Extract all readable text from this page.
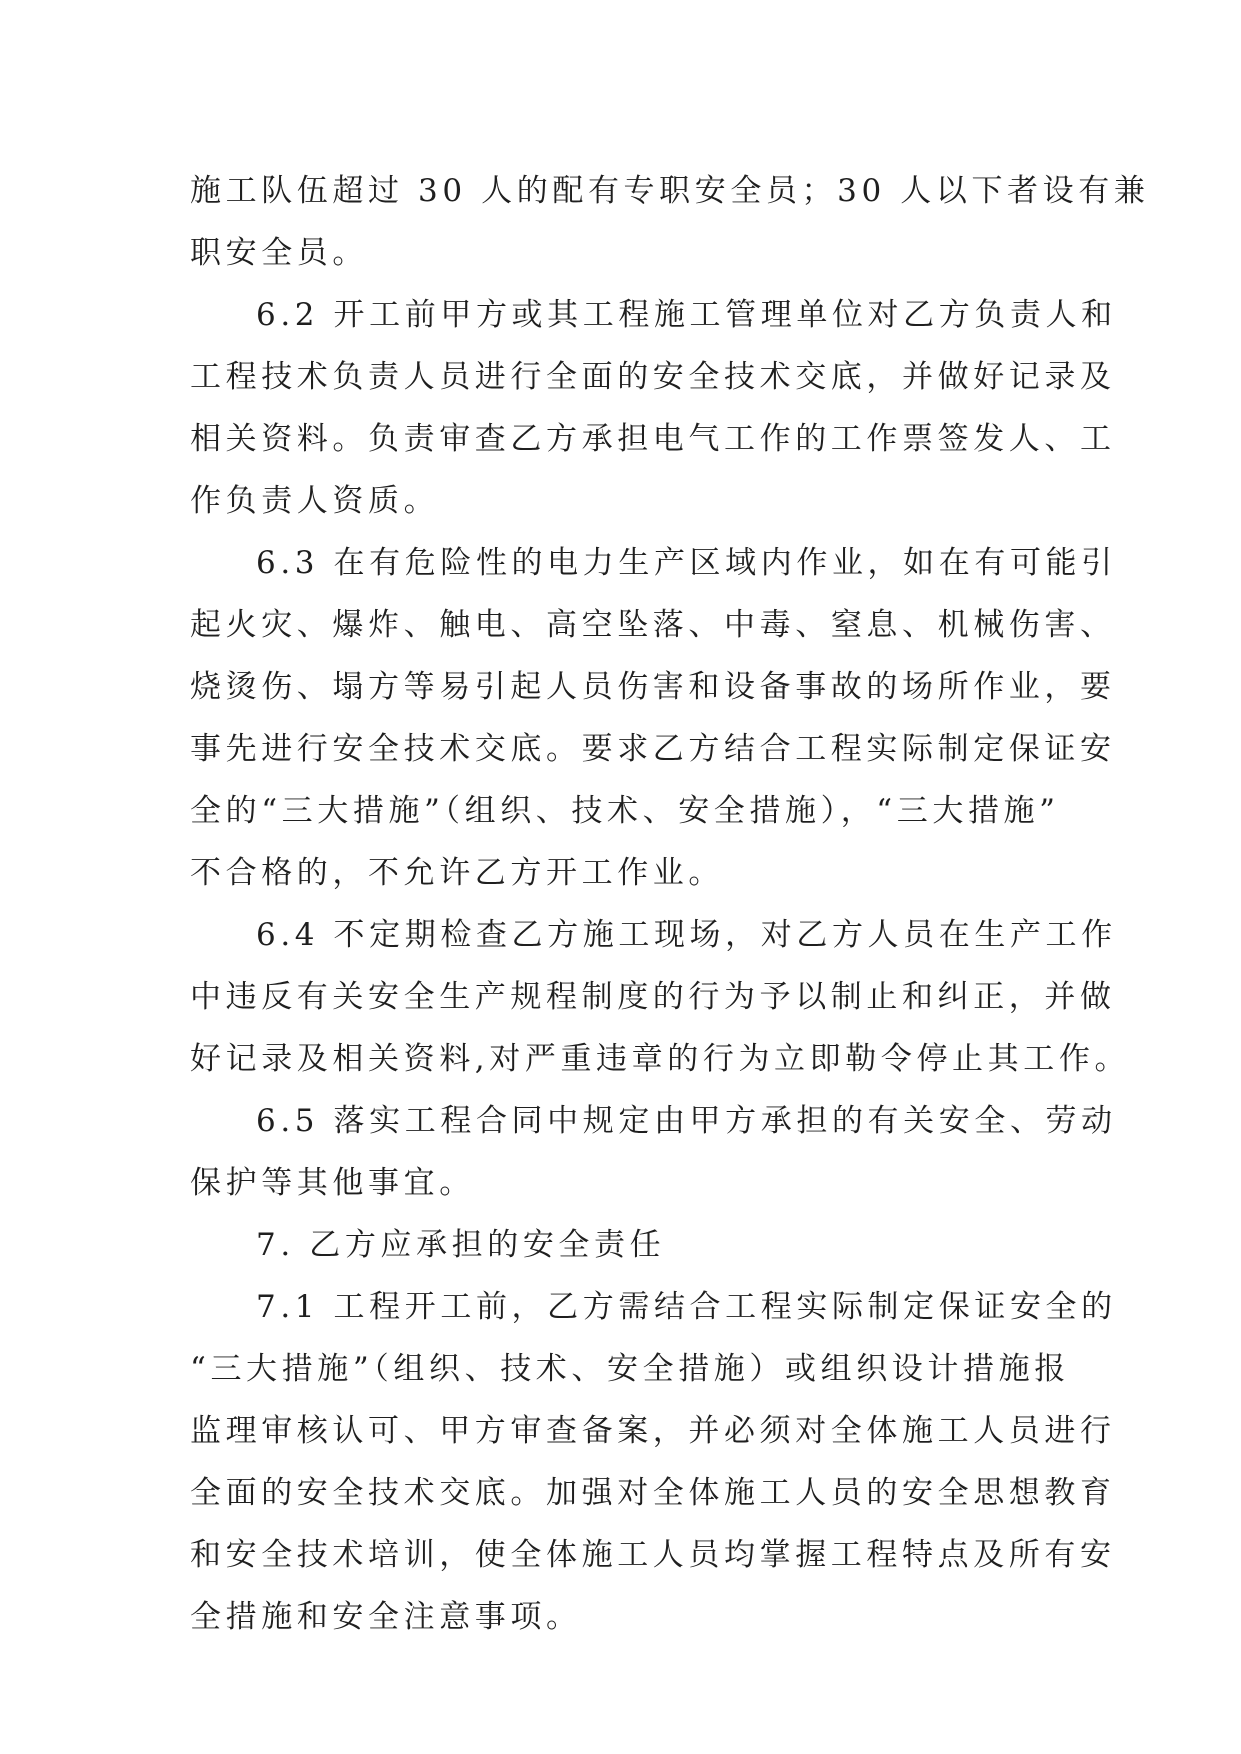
施工队伍超过 30 人的配有专职安全员；30 人以下者设有兼
职安全员。
6.2 开工前甲方或其工程施工管理单位对乙方负责人和
工程技术负责人员进行全面的安全技术交底，并做好记录及
相关资料。负责审查乙方承担电气工作的工作票签发人、工
作负责人资质。
6.3 在有危险性的电力生产区域内作业，如在有可能引
起火灾、爆炸、触电、高空坠落、中毒、窒息、机械伤害、
烧烫伤、塌方等易引起人员伤害和设备事故的场所作业，要
事先进行安全技术交底。要求乙方结合工程实际制定保证安
全的“三大措施”（组织、技术、安全措施），“三大措施”
不合格的，不允许乙方开工作业。
6.4 不定期检查乙方施工现场，对乙方人员在生产工作
中违反有关安全生产规程制度的行为予以制止和纠正，并做
好记录及相关资料,对严重违章的行为立即勒令停止其工作。
6.5 落实工程合同中规定由甲方承担的有关安全、劳动
保护等其他事宜。
7. 乙方应承担的安全责任
7.1 工程开工前，乙方需结合工程实际制定保证安全的
“三大措施”（组织、技术、安全措施）或组织设计措施报
监理审核认可、甲方审查备案，并必须对全体施工人员进行
全面的安全技术交底。加强对全体施工人员的安全思想教育
和安全技术培训，使全体施工人员均掌握工程特点及所有安
全措施和安全注意事项。
